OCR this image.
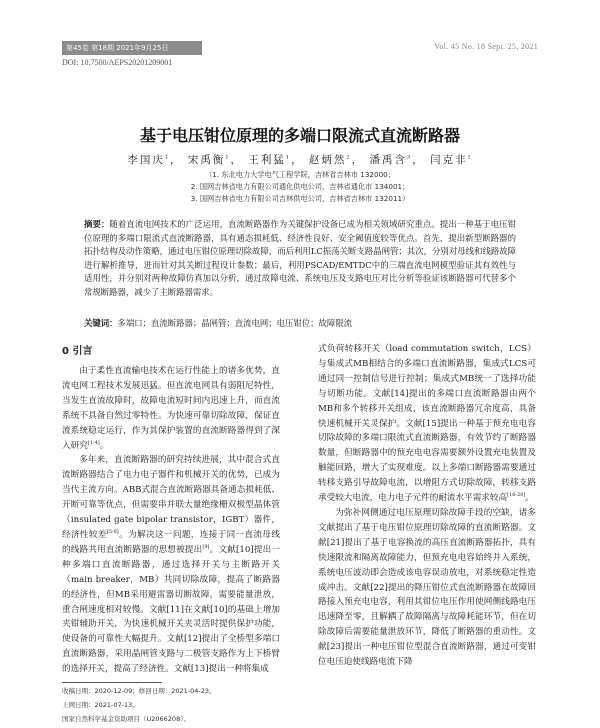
第45卷 第18期 2021年9月25日	Vol. 45 No. 18 Sept. 25, 2021
DOI: 10.7500/AEPS20201209001
基于电压钳位原理的多端口限流式直流断路器
李国庆$^1$， 宋禹衡$^1$， 王利猛$^1$， 赵炳然$^2$， 潘禹含$^3$， 闫克非$^1$
（1. 东北电力大学电气工程学院，吉林省吉林市 132000；
2. 国网吉林省电力有限公司通化供电公司，吉林省通化市 134001；
3. 国网吉林省电力有限公司吉林供电公司，吉林省吉林市 132011）
摘要：随着直流电网技术的广泛运用，直流断路器作为关键保护设备已成为相关领域研究重点。提出一种基于电压钳位原理的多端口限流式直流断路器，具有通态损耗低、经济性良好、安全阈值度较等优点。首先，提出新型断路器的拓扑结构及动作策略，通过电压钳位原理切除故障，而后利用LC振荡关断支路晶闸管；其次，分别对母线和线路故障进行解析推导，进而针对其关断过程设计参数；最后，利用PSCAD/EMTDC中的三端直流电网模型验证其有效性与适用性，并分别对两种故障仿真加以分析，通过故障电流、系统电压及支路电压对比分析等验证该断路器可代替多个常规断路器，减少了主断路器需求。
关键词：多端口；直流断路器；晶闸管；直流电网；电压钳位；故障限流
0 引言

由于柔性直流输电技术在运行性能上的诸多优势，直流电网工程技术发展迅猛。但直流电网具有弱阻尼特性，当发生直流故障时，故障电流短时间内迅速上升，而直流系统不具备自然过零特性。为快速可靠切除故障，保证直流系统稳定运行，作为其保护装置的直流断路器得到了深入研究[1-4]。

多年来，直流断路器的研究持续进展，其中混合式直流断路器结合了电力电子器件和机械开关的优势，已成为当代主流方向。ABB式混合直流断路器具备通态损耗低、开断可靠等优点，但需要串并联大量绝缘栅双极型晶体管（insulated gate bipolar transistor，IGBT）器件，经济性较差[5-8]。为解决这一问题，连接于同一直流母线的线路共用直流断路器的思想被提出[9]。文献[10]提出一种多端口直流断路器，通过选择开关与主断路开关（main breaker，MB）共同切除故障，提高了断路器的经济性，但MB采用避雷器切断故障，需要能量泄放，重合闸速度相对较慢。文献[11]在文献[10]的基础上增加夹钳辅助开关，为快速机械开关夹灵活时提供保护功能，使设备的可靠性大幅提升。文献[12]提出了全桥型多端口直流断路器，采用晶闸管支路与二极管支路作为上下桥臂的选择开关，提高了经济性。文献[13]提出一种将集成

式负荷转移开关（load commutation switch，LCS）与集成式MB相结合的多端口直流断路器，集成式LCS可通过同一控制信号进行控制；集成式MB统一了选择功能与切断功能。文献[14]提出的多端口直流断路器由两个MB和多个转移开关组成，该直流断路器冗余度高，具备快速机械开关灵保护。文献[15]提出一种基于预充电电容切除故障的多端口限流式直流断路器，有效节约了断路器数量，但断路器中的预充电电容需要额外设置充电装置及触能回路，增大了实现难度。以上多端口断路器需要通过转移支路引导故障电流，以增阻方式切除故障，转移支路承受较大电流，电力电子元件的耐流水平需求较高[16-20]。

为弥补网侧通过电压原理切除故障手段的空缺，诸多文献提出了基于电压钳位原理切除故障的直流断路器。文献[21]提出了基于电容换流的高压直流断路器拓扑，具有快速限流和隔离故障能力，但预充电电容始终并入系统，系统电压波动即会造成该电容误动放电，对系统稳定性造成冲击。文献[22]提出的降压钳位式直流断路器在故障回路接入预充电电容，利用其钳位电压作用使网侧线路电压迅速降至零，且解耦了故障隔离与故障耗能环节，但在切除故障后需要能量泄放环节，降低了断路器的重动性。文献[23]提出一种电压钳位型混合直流断路器，通过可变钳位电压迫使线路电流下降

收稿日期：2020-12-09；修回日期：2021-04-23。
上网日期：2021-07-13。
国家自然科学基金资助项目（U2066208）。
